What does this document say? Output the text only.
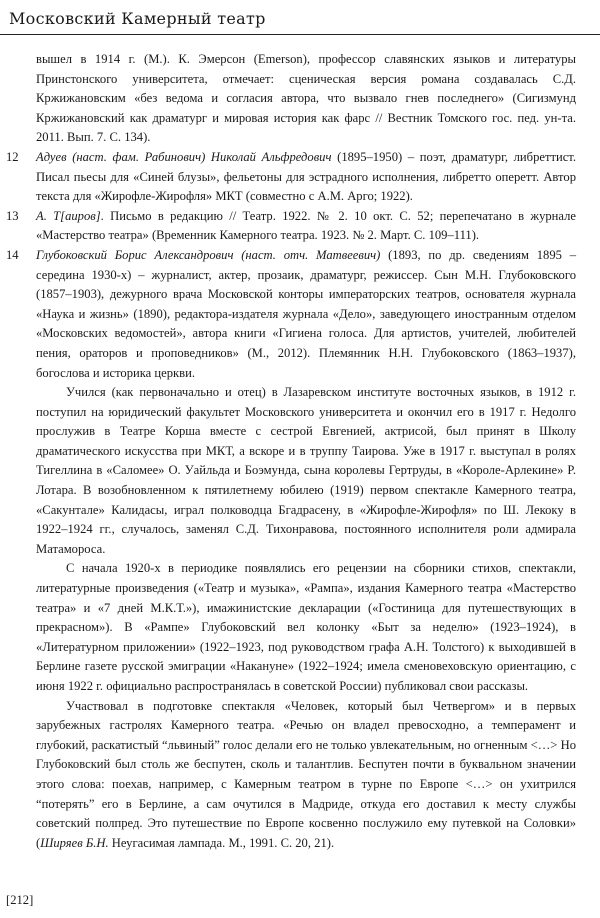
Московский Камерный театр

вышел в 1914 г. (М.). К. Эмерсон (Emerson), профессор славянских языков и литературы Принстонского университета, отмечает: сценическая версия романа создавалась С.Д. Кржижановским «без ведома и согласия автора, что вызвало гнев последнего» (Сигизмунд Кржижановский как драматург и мировая история как фарс // Вестник Томского гос. пед. ун-та. 2011. Вып. 7. С. 134).

12 Адуев (наст. фам. Рабинович) Николай Альфредович (1895–1950) – поэт, драматург, либреттист. Писал пьесы для «Синей блузы», фельетоны для эстрадного исполнения, либретто оперетт. Автор текста для «Жирофле-Жирофля» МКТ (совместно с А.М. Арго; 1922).

13 А. Т[аиров]. Письмо в редакцию // Театр. 1922. № 2. 10 окт. С. 52; перепечатано в журнале «Мастерство театра» (Временник Камерного театра. 1923. № 2. Март. С. 109–111).

14 Глубоковский Борис Александрович (наст. отч. Матвеевич) (1893, по др. сведениям 1895 – середина 1930-х) – журналист, актер, прозаик, драматург, режиссер. Сын М.Н. Глубоковского (1857–1903), дежурного врача Московской конторы императорских театров, основателя журнала «Наука и жизнь» (1890), редактора-издателя журнала «Дело», заведующего иностранным отделом «Московских ведомостей», автора книги «Гигиена голоса. Для артистов, учителей, любителей пения, ораторов и проповедников» (М., 2012). Племянник Н.Н. Глубоковского (1863–1937), богослова и историка церкви.

Учился (как первоначально и отец) в Лазаревском институте восточных языков, в 1912 г. поступил на юридический факультет Московского университета и окончил его в 1917 г. Недолго прослужив в Театре Корша вместе с сестрой Евгенией, актрисой, был принят в Школу драматического искусства при МКТ, а вскоре и в труппу Таирова. Уже в 1917 г. выступал в ролях Тигеллина в «Саломее» О. Уайльда и Боэмунда, сына королевы Гертруды, в «Короле-Арлекине» Р. Лотара. В возобновленном к пятилетнему юбилею (1919) первом спектакле Камерного театра, «Сакунтале» Калидасы, играл полководца Бгадрасену, в «Жирофле-Жирофля» по Ш. Лекоку в 1922–1924 гг., случалось, заменял С.Д. Тихонравова, постоянного исполнителя роли адмирала Матамороса.

С начала 1920-х в периодике появлялись его рецензии на сборники стихов, спектакли, литературные произведения («Театр и музыка», «Рампа», издания Камерного театра «Мастерство театра» и «7 дней М.К.Т.»), имажинистские декларации («Гостиница для путешествующих в прекрасном»). В «Рампе» Глубоковский вел колонку «Быт за неделю» (1923–1924), в «Литературном приложении» (1922–1923, под руководством графа А.Н. Толстого) к выходившей в Берлине газете русской эмиграции «Накануне» (1922–1924; имела сменовеховскую ориентацию, с июня 1922 г. официально распространялась в советской России) публиковал свои рассказы.

Участвовал в подготовке спектакля «Человек, который был Четвергом» и в первых зарубежных гастролях Камерного театра. «Речью он владел превосходно, а темперамент и глубокий, раскатистый “львиный” голос делали его не только увлекательным, но огненным <…> Но Глубоковский был столь же беспутен, сколь и талантлив. Беспутен почти в буквальном значении этого слова: поехав, например, с Камерным театром в турне по Европе <…> он ухитрился “потерять” его в Берлине, а сам очутился в Мадриде, откуда его доставил к месту службы советский полпред. Это путешествие по Европе косвенно послужило ему путевкой на Соловки» (Ширяев Б.Н. Неугасимая лампада. М., 1991. С. 20, 21).

[212]
